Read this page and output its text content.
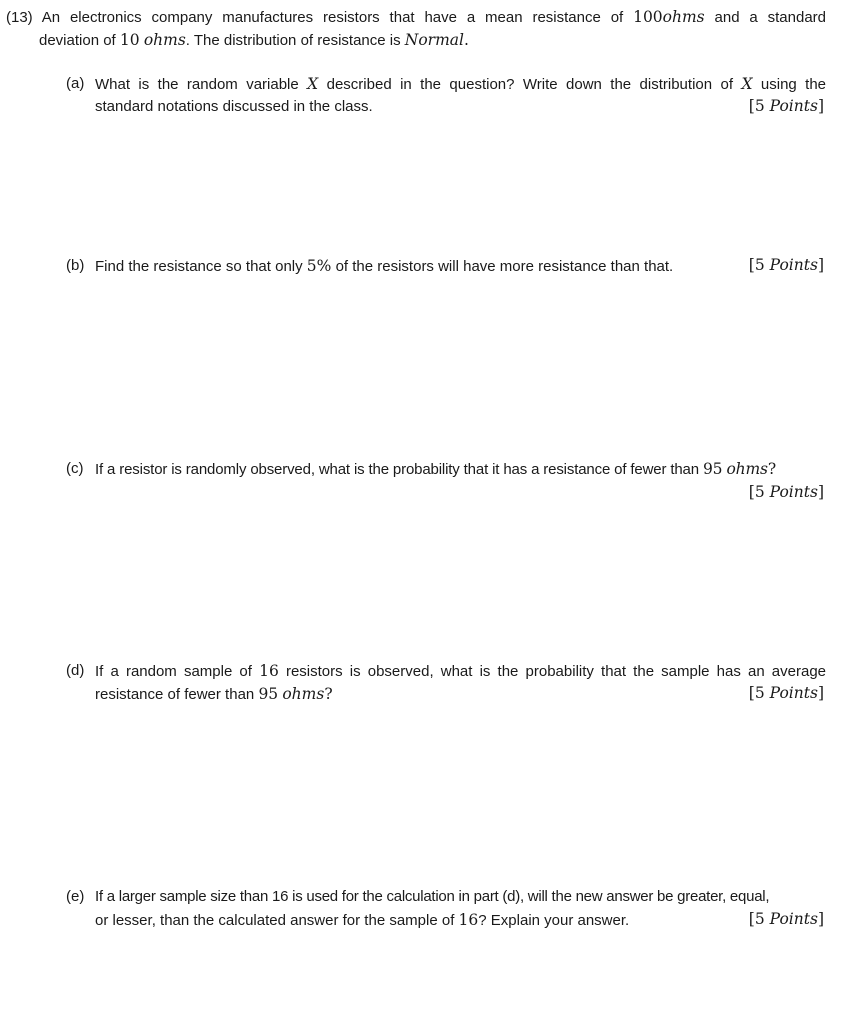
(13) An electronics company manufactures resistors that have a mean resistance of 100ohms and a standard
deviation of 10 ohms. The distribution of resistance is Normal.
(a) What is the random variable X described in the question? Write down the distribution of X using the
standard notations discussed in the class.	[5 Points]
(b) Find the resistance so that only 5% of the resistors will have more resistance than that.	[5 Points]
(c) If a resistor is randomly observed, what is the probability that it has a resistance of fewer than 95 ohms?
[5 Points]
(d) If a random sample of 16 resistors is observed, what is the probability that the sample has an average
resistance of fewer than 95 ohms?	[5 Points]
(e) If a larger sample size than 16 is used for the calculation in part (d), will the new answer be greater, equal,
or lesser, than the calculated answer for the sample of 16? Explain your answer.	[5 Points]
